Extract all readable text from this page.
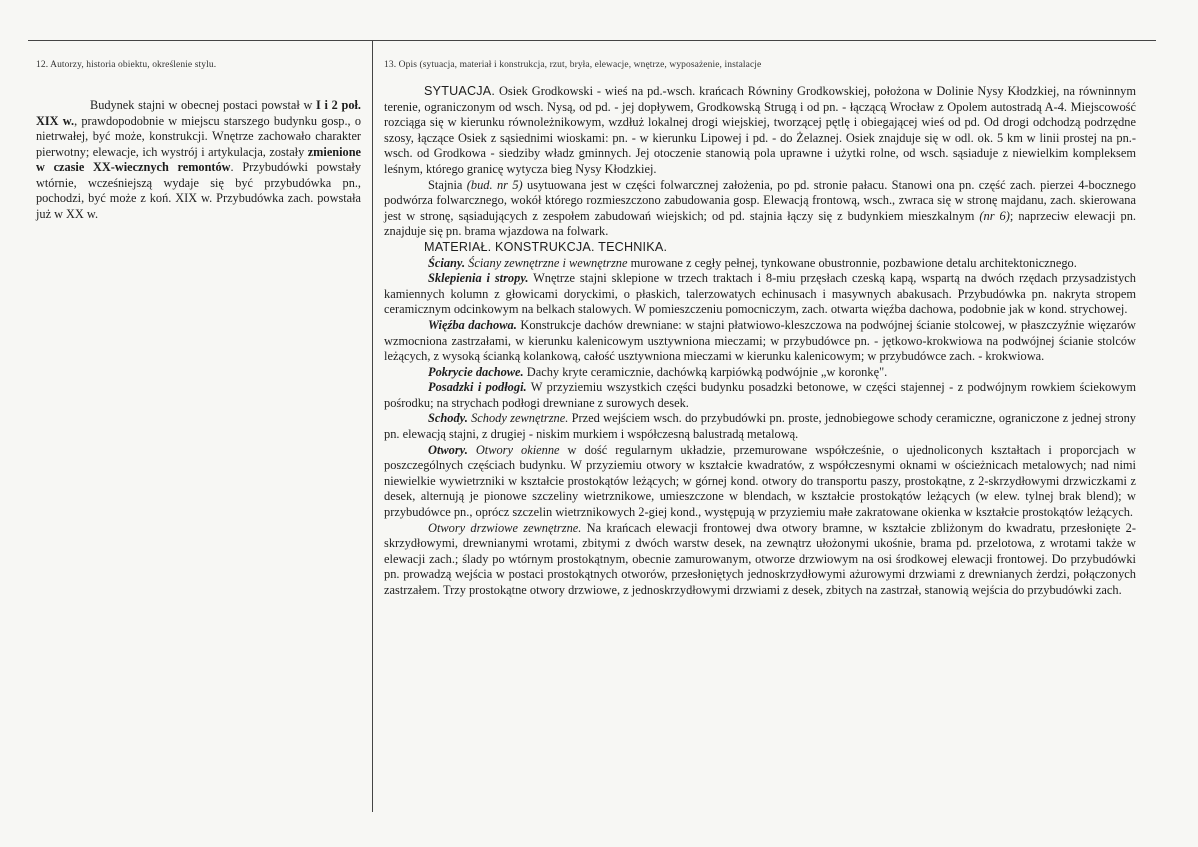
12. Autorzy, historia obiektu, określenie stylu.
Budynek stajni w obecnej postaci powstał w I i 2 poł. XIX w., prawdopodobnie w miejscu starszego budynku gosp., o nietrwałej, być może, konstrukcji. Wnętrze zachowało charakter pierwotny; elewacje, ich wystrój i artykulacja, zostały zmienione w czasie XX-wiecznych remontów. Przybudówki powstały wtórnie, wcześniejszą wydaje się być przybudówka pn., pochodzi, być może z koń. XIX w. Przybudówka zach. powstała już w XX w.
13. Opis (sytuacja, materiał i konstrukcja, rzut, bryła, elewacje, wnętrze, wyposażenie, instalacje

SYTUACJA. Osiek Grodkowski - wieś na pd.-wsch. krańcach Równiny Grodkowskiej, położona w Dolinie Nysy Kłodzkiej, na równinnym terenie, ograniczonym od wsch. Nysą, od pd. - jej dopływem, Grodkowską Strugą i od pn. - łączącą Wrocław z Opolem autostradą A-4. Miejscowość rozciąga się w kierunku równoleżnikowym, wzdłuż lokalnej drogi wiejskiej, tworzącej pętlę i obiegającej wieś od pd. Od drogi odchodzą podrzędne szosy, łączące Osiek z sąsiednimi wioskami: pn. - w kierunku Lipowej i pd. - do Żelaznej. Osiek znajduje się w odl. ok. 5 km w linii prostej na pn.-wsch. od Grodkowa - siedziby władz gminnych. Jej otoczenie stanowią pola uprawne i użytki rolne, od wsch. sąsiaduje z niewielkim kompleksem leśnym, którego granicę wytycza bieg Nysy Kłodzkiej.

Stajnia (bud. nr 5) usytuowana jest w części folwarcznej założenia, po pd. stronie pałacu. Stanowi ona pn. część zach. pierzei 4-bocznego podwórza folwarcznego, wokół którego rozmieszczono zabudowania gosp. Elewacją frontową, wsch., zwraca się w stronę majdanu, zach. skierowana jest w stronę, sąsiadujących z zespołem zabudowań wiejskich; od pd. stajnia łączy się z budynkiem mieszkalnym (nr 6); naprzeciw elewacji pn. znajduje się pn. brama wjazdowa na folwark.

MATERIAŁ. KONSTRUKCJA. TECHNIKA.

Ściany. Ściany zewnętrzne i wewnętrzne murowane z cegły pełnej, tynkowane obustronnie, pozbawione detalu architektonicznego.

Sklepienia i stropy. Wnętrze stajni sklepione w trzech traktach i 8-miu przęsłach czeską kapą, wspartą na dwóch rzędach przysadzistych kamiennych kolumn z głowicami doryckimi, o płaskich, talerzowatych echinusach i masywnych abakusach. Przybudówka pn. nakryta stropem ceramicznym odcinkowym na belkach stalowych. W pomieszczeniu pomocniczym, zach. otwarta więźba dachowa, podobnie jak w kond. strychowej.

Więźba dachowa. Konstrukcje dachów drewniane: w stajni płatwiowo-kleszczowa na podwójnej ścianie stolcowej, w płaszczyźnie więzarów wzmocniona zastrzałami, w kierunku kalenicowym usztywniona mieczami; w przybudówce pn. - jętkowo-krokwiowa na podwójnej ścianie stolców leżących, z wysoką ścianką kolankową, całość usztywniona mieczami w kierunku kalenicowym; w przybudówce zach. - krokwiowa.

Pokrycie dachowe. Dachy kryte ceramicznie, dachówką karpiówką podwójnie „w koronkę".

Posadzki i podłogi. W przyziemiu wszystkich części budynku posadzki betonowe, w części stajennej - z podwójnym rowkiem ściekowym pośrodku; na strychach podłogi drewniane z surowych desek.

Schody. Schody zewnętrzne. Przed wejściem wsch. do przybudówki pn. proste, jednobiegowe schody ceramiczne, ograniczone z jednej strony pn. elewacją stajni, z drugiej - niskim murkiem i współczesną balustradą metalową.

Otwory. Otwory okienne w dość regularnym układzie, przemurowane współcześnie, o ujednoliconych kształtach i proporcjach w poszczególnych częściach budynku. W przyziemiu otwory w kształcie kwadratów, z współczesnymi oknami w ościeżnicach metalowych; nad nimi niewielkie wywietrzniki w kształcie prostokątów leżących; w górnej kond. otwory do transportu paszy, prostokątne, z 2-skrzydłowymi drzwiczkami z desek, alternują je pionowe szczeliny wietrznikowe, umieszczone w blendach, w kształcie prostokątów leżących (w elew. tylnej brak blend); w przybudówce pn., oprócz szczelin wietrznikowych 2-giej kond., występują w przyziemiu małe zakratowane okienka w kształcie prostokątów leżących.

Otwory drzwiowe zewnętrzne. Na krańcach elewacji frontowej dwa otwory bramne, w kształcie zbliżonym do kwadratu, przesłonięte 2-skrzydłowymi, drewnianymi wrotami, zbitymi z dwóch warstw desek, na zewnątrz ułożonymi ukośnie, brama pd. przelotowa, z wrotami także w elewacji zach.; ślady po wtórnym prostokątnym, obecnie zamurowanym, otworze drzwiowym na osi środkowej elewacji frontowej. Do przybudówki pn. prowadzą wejścia w postaci prostokątnych otworów, przesłoniętych jednoskrzydłowymi ażurowymi drzwiami z drewnianych żerdzi, połączonych zastrzałem. Trzy prostokątne otwory drzwiowe, z jednoskrzydłowymi drzwiami z desek, zbitych na zastrzał, stanowią wejścia do przybudówki zach.
